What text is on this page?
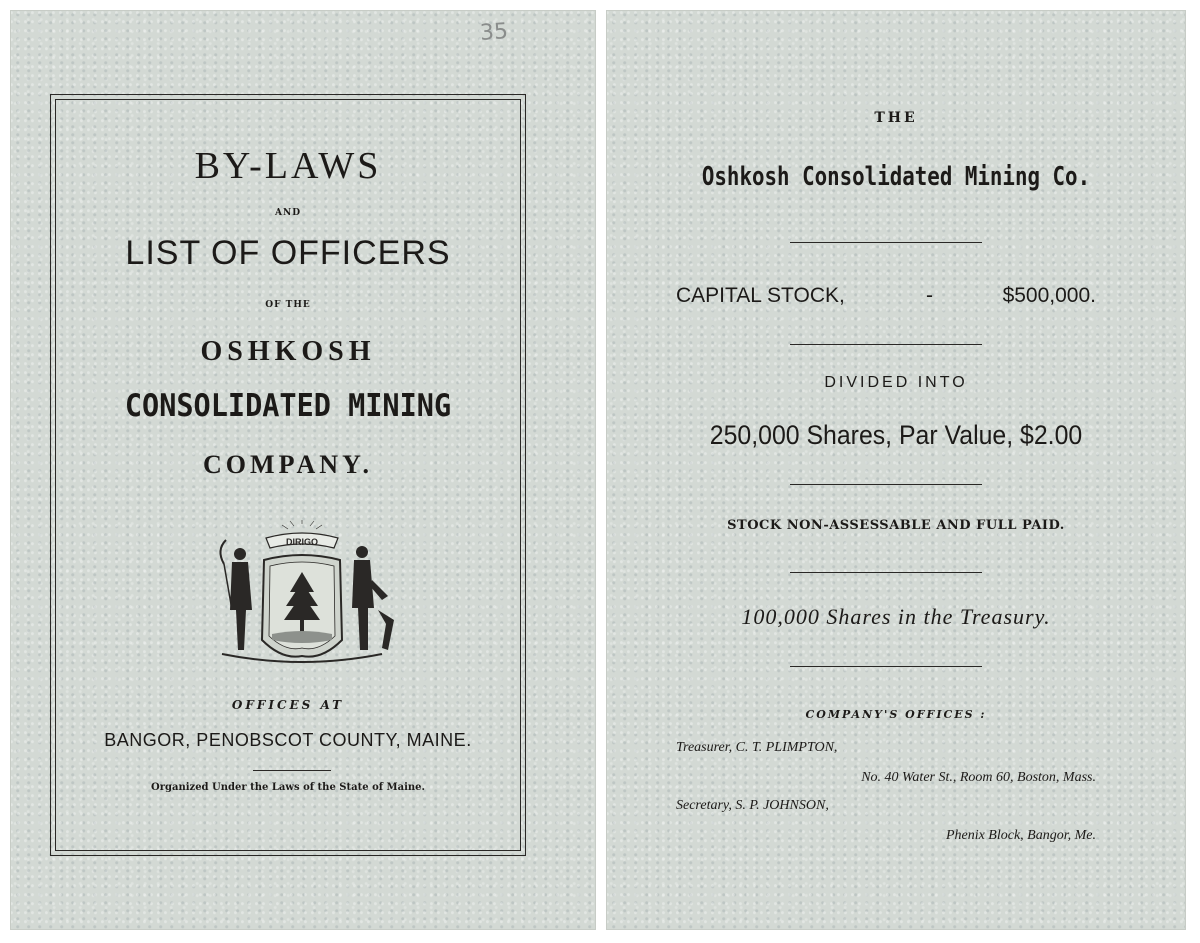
35
BY-LAWS
AND
LIST OF OFFICERS
OF THE
OSHKOSH
CONSOLIDATED MINING
COMPANY.
DIRIGO
OFFICES AT
BANGOR, PENOBSCOT COUNTY, MAINE.
Organized Under the Laws of the State of Maine.
THE
Oshkosh Consolidated Mining Co.
CAPITAL STOCK,	-	$500,000.
DIVIDED INTO
250,000 Shares, Par Value, $2.00
STOCK NON-ASSESSABLE AND FULL PAID.
100,000 Shares in the Treasury.
COMPANY'S OFFICES :
Treasurer, C. T. PLIMPTON,
No. 40 Water St., Room 60, Boston, Mass.
Secretary, S. P. JOHNSON,
Phenix Block, Bangor, Me.
